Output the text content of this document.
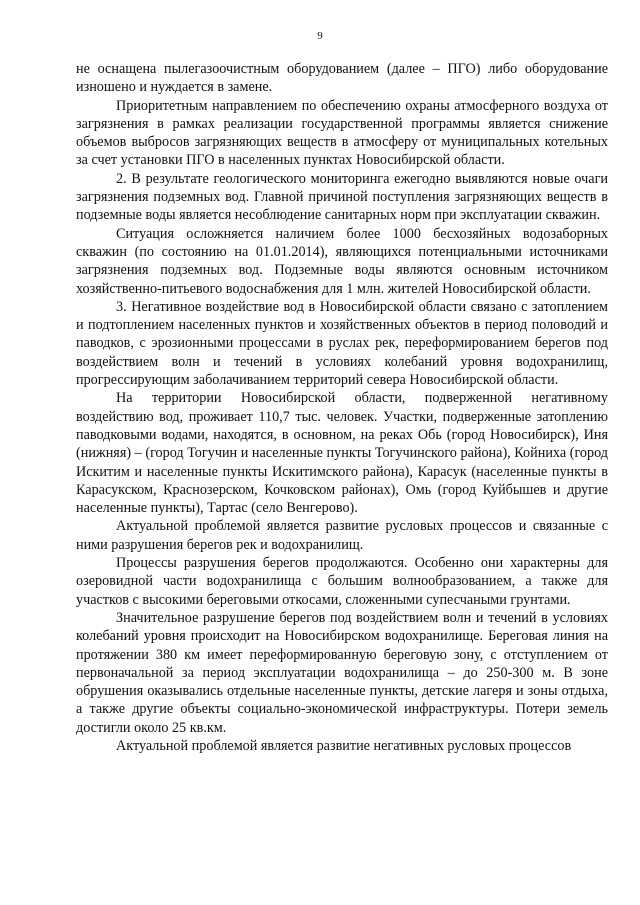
9

не оснащена пылегазоочистным оборудованием (далее – ПГО) либо оборудование изношено и нуждается в замене.

Приоритетным направлением по обеспечению охраны атмосферного воздуха от загрязнения в рамках реализации государственной программы является снижение объемов выбросов загрязняющих веществ в атмосферу от муниципальных котельных за счет установки ПГО в населенных пунктах Новосибирской области.

2. В результате геологического мониторинга ежегодно выявляются новые очаги загрязнения подземных вод. Главной причиной поступления загрязняющих веществ в подземные воды является несоблюдение санитарных норм при эксплуатации скважин.

Ситуация осложняется наличием более 1000 бесхозяйных водозаборных скважин (по состоянию на 01.01.2014), являющихся потенциальными источниками загрязнения подземных вод. Подземные воды являются основным источником хозяйственно-питьевого водоснабжения для 1 млн. жителей Новосибирской области.

3. Негативное воздействие вод в Новосибирской области связано с затоплением и подтоплением населенных пунктов и хозяйственных объектов в период половодий и паводков, с эрозионными процессами в руслах рек, переформированием берегов под воздействием волн и течений в условиях колебаний уровня водохранилищ, прогрессирующим заболачиванием территорий севера Новосибирской области.

На территории Новосибирской области, подверженной негативному воздействию вод, проживает 110,7 тыс. человек. Участки, подверженные затоплению паводковыми водами, находятся, в основном, на реках Обь (город Новосибирск), Иня (нижняя) – (город Тогучин и населенные пункты Тогучинского района), Койниха (город Искитим и населенные пункты Искитимского района), Карасук (населенные пункты в Карасукском, Краснозерском, Кочковском районах), Омь (город Куйбышев и другие населенные пункты), Тартас (село Венгерово).

Актуальной проблемой является развитие русловых процессов и связанные с ними разрушения берегов рек и водохранилищ.

Процессы разрушения берегов продолжаются. Особенно они характерны для озеровидной части водохранилища с большим волнообразованием, а также для участков с высокими береговыми откосами, сложенными супесчаными грунтами.

Значительное разрушение берегов под воздействием волн и течений в условиях колебаний уровня происходит на Новосибирском водохранилище. Береговая линия на протяжении 380 км имеет переформированную береговую зону, с отступлением от первоначальной за период эксплуатации водохранилища – до 250-300 м. В зоне обрушения оказывались отдельные населенные пункты, детские лагеря и зоны отдыха, а также другие объекты социально-экономической инфраструктуры. Потери земель достигли около 25 кв.км.

Актуальной проблемой является развитие негативных русловых процессов
